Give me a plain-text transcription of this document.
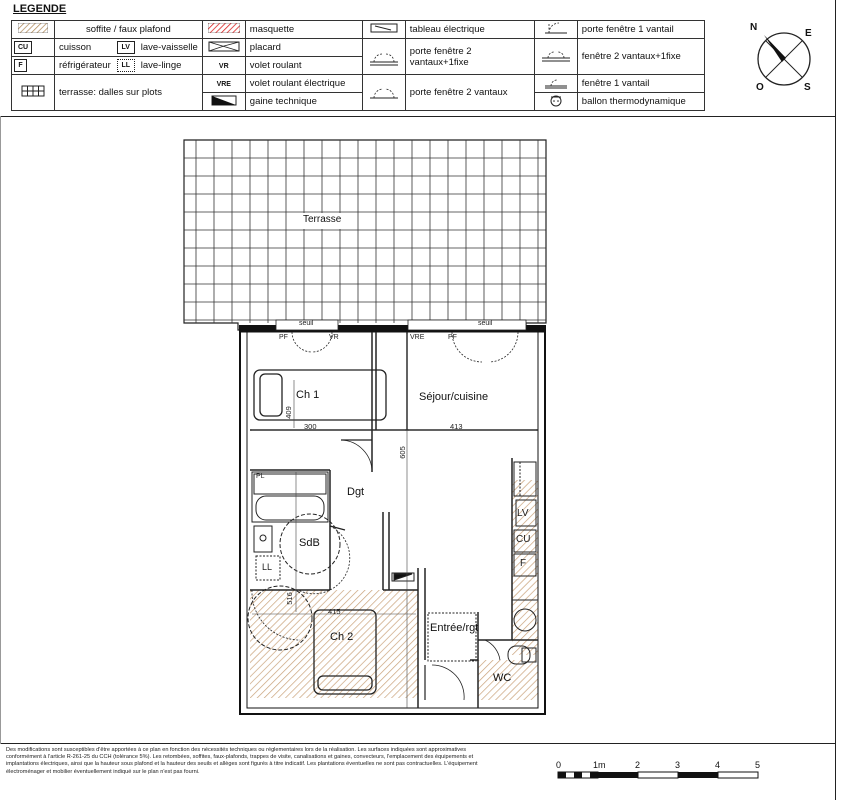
LEGENDE
	soffite / faux plafond				masquette		tableau électrique		porte fenêtre 1 vantail
CU	cuisson	LV	lave-vaisselle		placard		porte fenêtre 2 vantaux+1fixe		fenêtre 2 vantaux+1fixe
F	réfrigérateur	LL	lave-linge	VR	volet roulant				
	terrasse: dalles sur plots			VRE	volet roulant électrique		porte fenêtre 2 vantaux		fenêtre 1 vantail
	gaine technique				ballon thermodynamique
N
E
O	S
Terrasse
Ch 1	Séjour/cuisine
Dgt
SdB
Ch 2
Entrée/rgt
WC
seuil	seuil
PF	VR	VRE	PF
PL
LL
LV
CU
F
300	413
409
605
415
516
Des modifications sont susceptibles d'être apportées à ce plan en fonction des nécessités techniques ou réglementaires lors de la réalisation. Les surfaces indiquées sont approximatives conformément à l'article R-261-25 du CCH (tolérance 5%). Les retombées, soffites, faux-plafonds, trappes de visite, canalisations et gaines, convecteurs, l'emplacement des équipements et implantations électriques, ainsi que la hauteur sous plafond et la hauteur des seuils et allèges sont figurés à titre indicatif. Les plantations éventuelles ne sont pas contractuelles. L'équipement électroménager et mobilier éventuellement indiqué sur le plan n'est pas fourni.
0	1m	2	3	4	5
